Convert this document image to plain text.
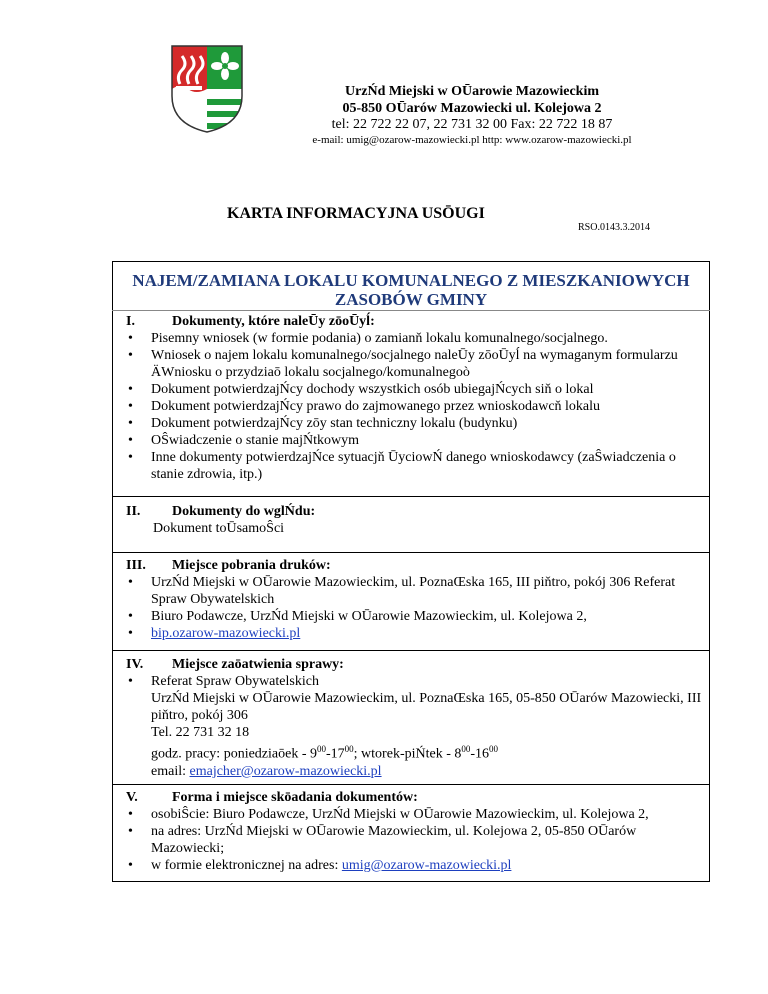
UrzŃd Miejski w OŪarowie Mazowieckim
05-850 OŪarów Mazowiecki ul. Kolejowa 2
tel: 22 722 22 07, 22 731 32 00 Fax: 22 722 18 87
e-mail: umig@ozarow-mazowiecki.pl http: www.ozarow-mazowiecki.pl
KARTA INFORMACYJNA USŌUGI
RSO.0143.3.2014
NAJEM/ZAMIANA LOKALU KOMUNALNEGO Z MIESZKANIOWYCH ZASOBÓW GMINY
I.	Dokumenty, które naleŪy zōoŪyĺ:
• Pisemny wniosek (w formie podania) o zamianň lokalu komunalnego/socjalnego.
• Wniosek o najem lokalu komunalnego/socjalnego naleŪy zōoŪyĺ na wymaganym formularzu ÄWniosku o przydziaō lokalu socjalnego/komunalnegoò
• Dokument potwierdzajŃcy dochody wszystkich osób ubiegajŃcych siň o lokal
• Dokument potwierdzajŃcy prawo do zajmowanego przez wnioskodawcň lokalu
• Dokument potwierdzajŃcy zōy stan techniczny lokalu (budynku)
• OŜwiadczenie o stanie majŃtkowym
• Inne dokumenty potwierdzajŃce sytuacjň ŪyciowŃ danego wnioskodawcy (zaŜwiadczenia o stanie zdrowia, itp.)
II. Dokumenty do wglŃdu:
Dokument toŪsamoŜci
III. Miejsce pobrania druków:
• UrzŃd Miejski w OŪarowie Mazowieckim, ul. PoznaŒska 165, III piňtro, pokój 306 Referat Spraw Obywatelskich
• Biuro Podawcze, UrzŃd Miejski w OŪarowie Mazowieckim, ul. Kolejowa 2,
• bip.ozarow-mazowiecki.pl
IV. Miejsce zaōatwienia sprawy:
• Referat Spraw Obywatelskich
UrzŃd Miejski w OŪarowie Mazowieckim, ul. PoznaŒska 165, 05-850 OŪarów Mazowiecki, III piňtro, pokój 306
Tel. 22 731 32 18
godz. pracy: poniedziaōek - $9^{00}-17^{00}$; wtorek-piŃtek - $8^{00}-16^{00}$
email: emajcher@ozarow-mazowiecki.pl
V. Forma i miejsce skōadania dokumentów:
• osobiŜcie: Biuro Podawcze, UrzŃd Miejski w OŪarowie Mazowieckim, ul. Kolejowa 2,
• na adres: UrzŃd Miejski w OŪarowie Mazowieckim, ul. Kolejowa 2, 05-850 OŪarów Mazowiecki;
• w formie elektronicznej na adres: umig@ozarow-mazowiecki.pl
